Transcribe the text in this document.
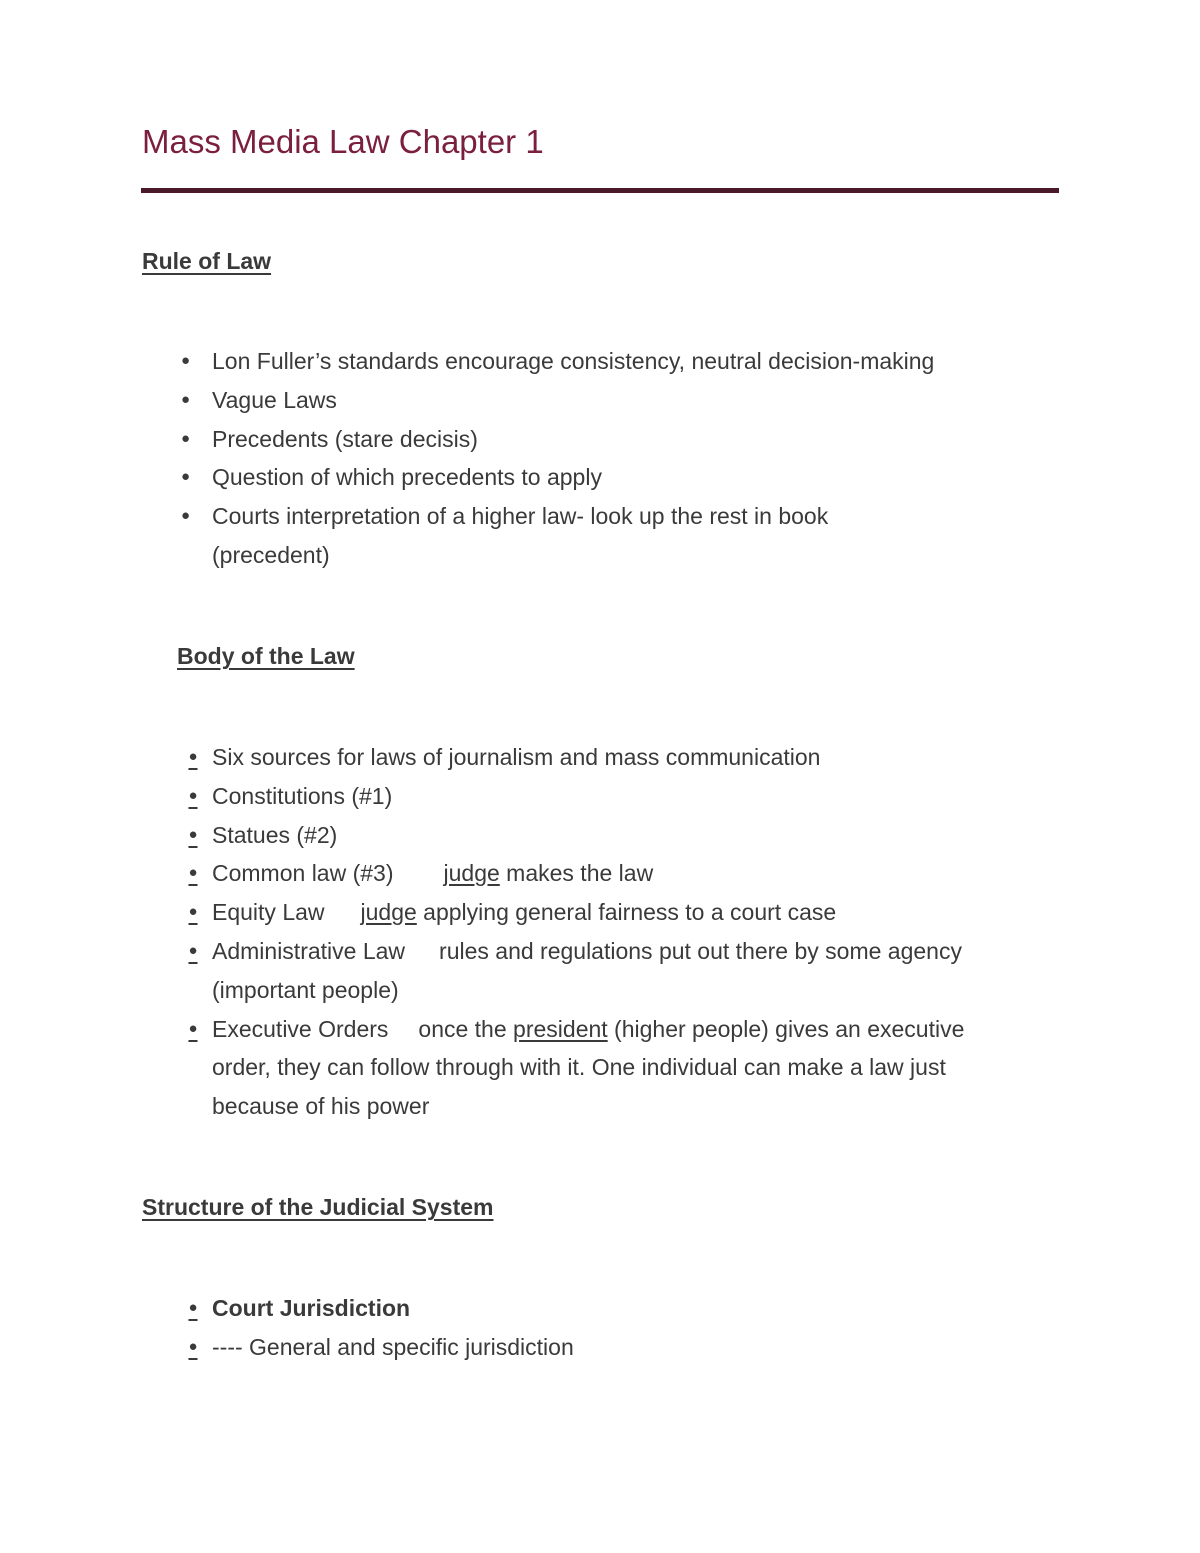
Mass Media Law Chapter 1
Rule of Law
● Lon Fuller’s standards encourage consistency, neutral decision-making
● Vague Laws
● Precedents (stare decisis)
● Question of which precedents to apply
● Courts interpretation of a higher law- look up the rest in book (precedent)
Body of the Law
● Six sources for laws of journalism and mass communication
● Constitutions (#1)
● Statues (#2)
● Common law (#3) judge makes the law
● Equity Law judge applying general fairness to a court case
● Administrative Law rules and regulations put out there by some agency (important people)
● Executive Orders once the president (higher people) gives an executive order, they can follow through with it. One individual can make a law just because of his power
Structure of the Judicial System
● Court Jurisdiction
● ---- General and specific jurisdiction
